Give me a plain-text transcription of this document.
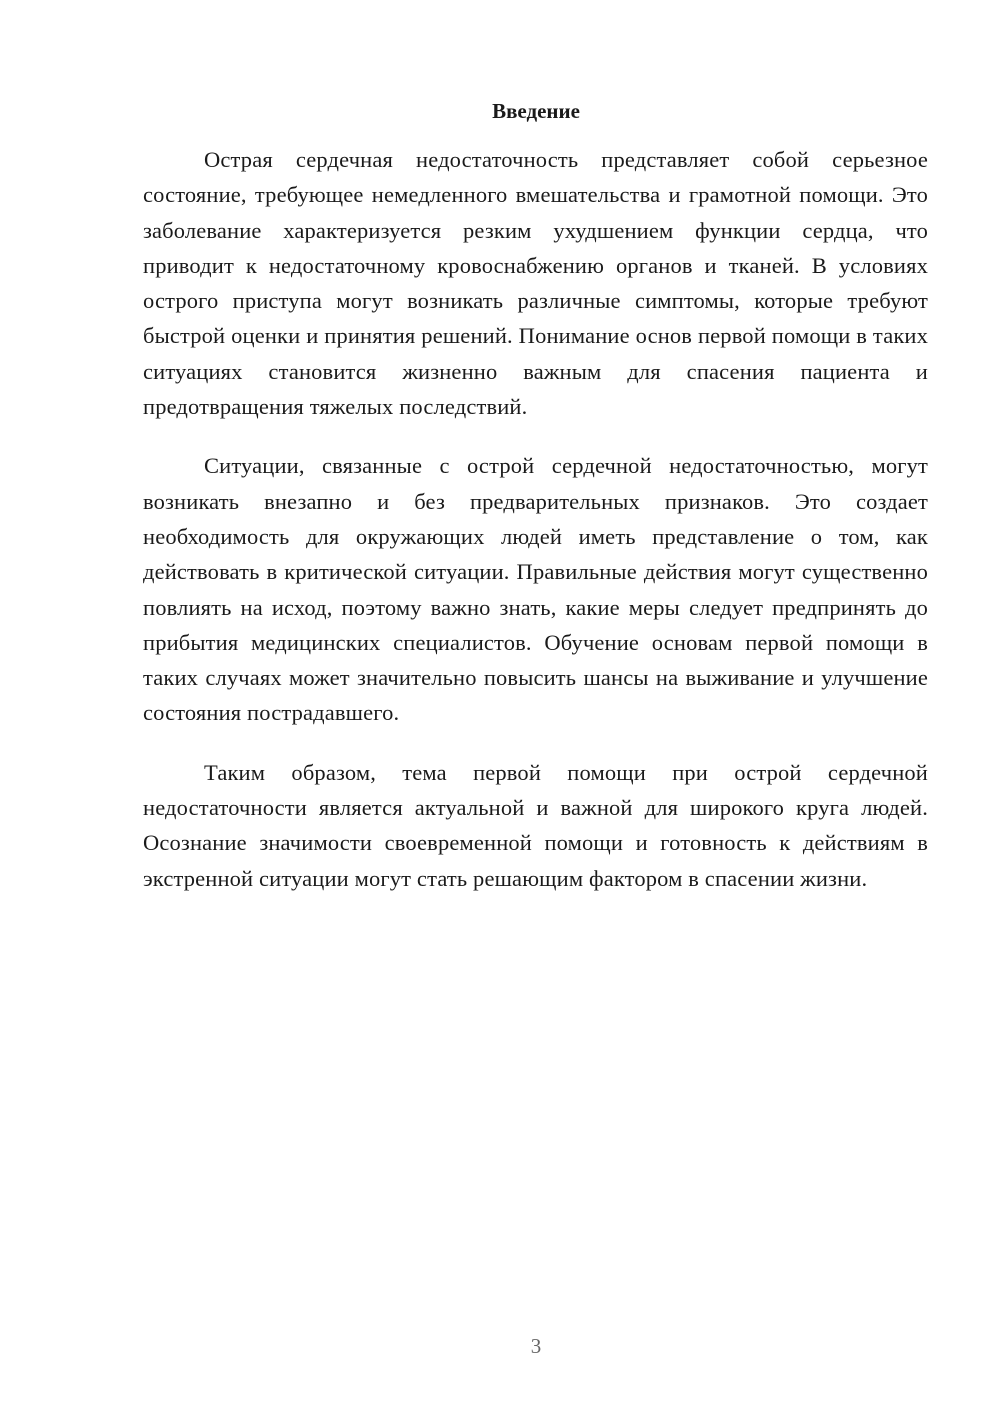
Введение

Острая сердечная недостаточность представляет собой серьезное состояние, требующее немедленного вмешательства и грамотной помощи. Это заболевание характеризуется резким ухудшением функции сердца, что приводит к недостаточному кровоснабжению органов и тканей. В условиях острого приступа могут возникать различные симптомы, которые требуют быстрой оценки и принятия решений. Понимание основ первой помощи в таких ситуациях становится жизненно важным для спасения пациента и предотвращения тяжелых последствий.

Ситуации, связанные с острой сердечной недостаточностью, могут возникать внезапно и без предварительных признаков. Это создает необходимость для окружающих людей иметь представление о том, как действовать в критической ситуации. Правильные действия могут существенно повлиять на исход, поэтому важно знать, какие меры следует предпринять до прибытия медицинских специалистов. Обучение основам первой помощи в таких случаях может значительно повысить шансы на выживание и улучшение состояния пострадавшего.

Таким образом, тема первой помощи при острой сердечной недостаточности является актуальной и важной для широкого круга людей. Осознание значимости своевременной помощи и готовность к действиям в экстренной ситуации могут стать решающим фактором в спасении жизни.

3
